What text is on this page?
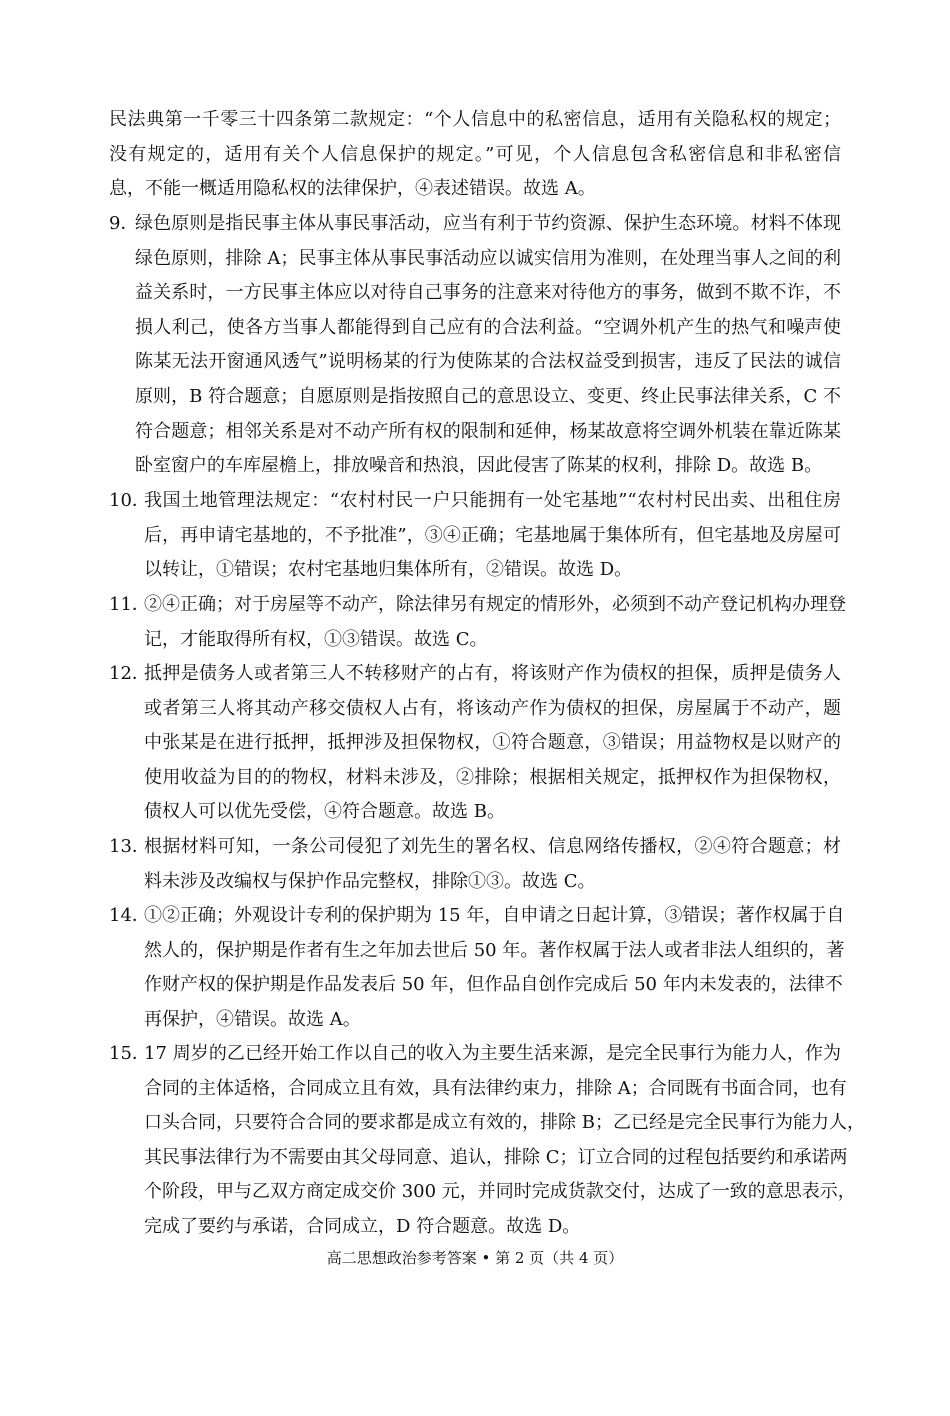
民法典第一千零三十四条第二款规定：“个人信息中的私密信息，适用有关隐私权的规定；
没有规定的，适用有关个人信息保护的规定。”可见，个人信息包含私密信息和非私密信
息，不能一概适用隐私权的法律保护，④表述错误。故选 A。
9．
绿色原则是指民事主体从事民事活动，应当有利于节约资源、保护生态环境。材料不体现
绿色原则，排除 A；民事主体从事民事活动应以诚实信用为准则，在处理当事人之间的利
益关系时，一方民事主体应以对待自己事务的注意来对待他方的事务，做到不欺不诈，不
损人利己，使各方当事人都能得到自己应有的合法利益。“空调外机产生的热气和噪声使
陈某无法开窗通风透气”说明杨某的行为使陈某的合法权益受到损害，违反了民法的诚信
原则，B 符合题意；自愿原则是指按照自己的意思设立、变更、终止民事法律关系，C 不
符合题意；相邻关系是对不动产所有权的限制和延伸，杨某故意将空调外机装在靠近陈某
卧室窗户的车库屋檐上，排放噪音和热浪，因此侵害了陈某的权利，排除 D。故选 B。
10．
我国土地管理法规定：“农村村民一户只能拥有一处宅基地”“农村村民出卖、出租住房
后，再申请宅基地的，不予批准”，③④正确；宅基地属于集体所有，但宅基地及房屋可
以转让，①错误；农村宅基地归集体所有，②错误。故选 D。
11．
②④正确；对于房屋等不动产，除法律另有规定的情形外，必须到不动产登记机构办理登
记，才能取得所有权，①③错误。故选 C。
12．
抵押是债务人或者第三人不转移财产的占有，将该财产作为债权的担保，质押是债务人
或者第三人将其动产移交债权人占有，将该动产作为债权的担保，房屋属于不动产，题
中张某是在进行抵押，抵押涉及担保物权，①符合题意，③错误；用益物权是以财产的
使用收益为目的的物权，材料未涉及，②排除；根据相关规定，抵押权作为担保物权，
债权人可以优先受偿，④符合题意。故选 B。
13．
根据材料可知，一条公司侵犯了刘先生的署名权、信息网络传播权，②④符合题意；材
料未涉及改编权与保护作品完整权，排除①③。故选 C。
14．
①②正确；外观设计专利的保护期为 15 年，自申请之日起计算，③错误；著作权属于自
然人的，保护期是作者有生之年加去世后 50 年。著作权属于法人或者非法人组织的，著
作财产权的保护期是作品发表后 50 年，但作品自创作完成后 50 年内未发表的，法律不
再保护，④错误。故选 A。
15．
17 周岁的乙已经开始工作以自己的收入为主要生活来源，是完全民事行为能力人，作为
合同的主体适格，合同成立且有效，具有法律约束力，排除 A；合同既有书面合同，也有
口头合同，只要符合合同的要求都是成立有效的，排除 B；乙已经是完全民事行为能力人，
其民事法律行为不需要由其父母同意、追认，排除 C；订立合同的过程包括要约和承诺两
个阶段，甲与乙双方商定成交价 300 元，并同时完成货款交付，达成了一致的意思表示，
完成了要约与承诺，合同成立，D 符合题意。故选 D。
高二思想政治参考答案 • 第 2 页（共 4 页）
